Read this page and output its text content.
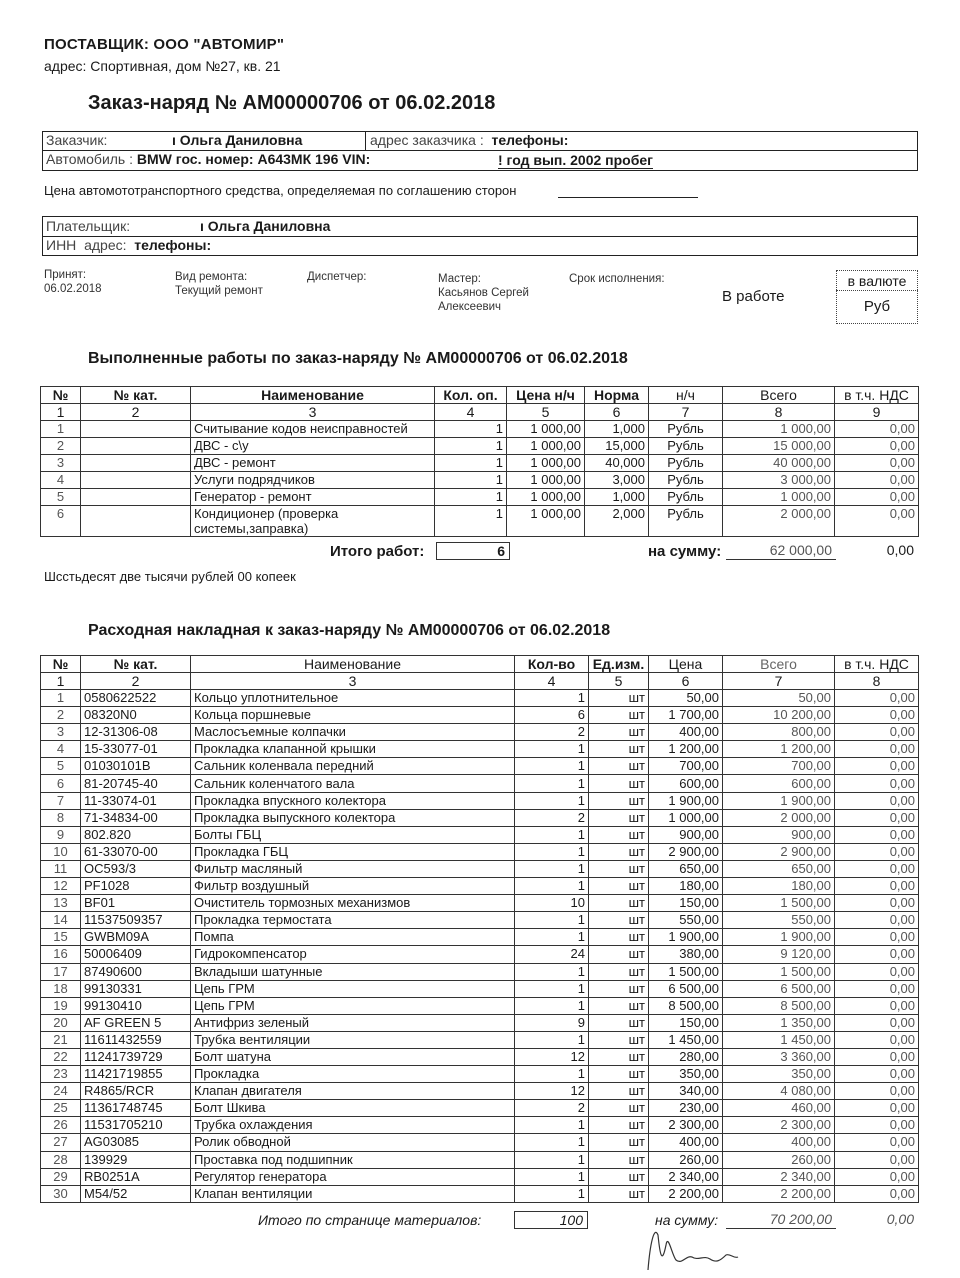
ПОСТАВЩИК: ООО "АВТОМИР"
адрес: Спортивная, дом №27, кв. 21
Заказ-наряд № АМ00000706 от 06.02.2018
Заказчик:	ı Ольга Даниловна	адрес заказчика : телефоны:
Автомобиль : BMW гос. номер: А643МК 196 VIN:	! год вып. 2002 пробег
Цена автомототранспортного средства, определяемая по соглашению сторон
Плательщик:	ı Ольга Даниловна
ИНН адрес: телефоны:
Принят:
06.02.2018
Вид ремонта:
Текущий ремонт
Диспетчер:	Мастер:
Касьянов Сергей
Алексеевич
Срок исполнения:
В работе
в валюте
Руб
Выполненные работы по заказ-наряду № АМ00000706 от 06.02.2018
№	№ кат.	Наименование	Кол. оп.	Цена н/ч	Норма	н/ч	Всего	в т.ч. НДС
1	2	3	4	5	6	7	8	9
1		Считывание кодов неисправностей	1	1 000,00	1,000	Рубль	1 000,00	0,00
2		ДВС - с\у	1	1 000,00	15,000	Рубль	15 000,00	0,00
3		ДВС - ремонт	1	1 000,00	40,000	Рубль	40 000,00	0,00
4		Услуги подрядчиков	1	1 000,00	3,000	Рубль	3 000,00	0,00
5		Генератор - ремонт	1	1 000,00	1,000	Рубль	1 000,00	0,00
6		Кондиционер (проверка
системы,заправка)	1	1 000,00	2,000	Рубль	2 000,00	0,00
Итого работ:	6	на сумму:	62 000,00	0,00
Шсстьдесят две тысячи рублей 00 копеек
Расходная накладная к заказ-наряду № АМ00000706 от 06.02.2018
№	№ кат.	Наименование	Кол-во	Ед.изм.	Цена	Всего	в т.ч. НДС
1	2	3	4	5	6	7	8
1	0580622522	Кольцо уплотнительное	1	шт	50,00	50,00	0,00
2	08320N0	Кольца поршневые	6	шт	1 700,00	10 200,00	0,00
3	12-31306-08	Маслосъемные колпачки	2	шт	400,00	800,00	0,00
4	15-33077-01	Прокладка клапанной крышки	1	шт	1 200,00	1 200,00	0,00
5	01030101B	Сальник коленвала передний	1	шт	700,00	700,00	0,00
6	81-20745-40	Сальник коленчатого вала	1	шт	600,00	600,00	0,00
7	11-33074-01	Прокладка впускного колектора	1	шт	1 900,00	1 900,00	0,00
8	71-34834-00	Прокладка выпускного колектора	2	шт	1 000,00	2 000,00	0,00
9	802.820	Болты ГБЦ	1	шт	900,00	900,00	0,00
10	61-33070-00	Прокладка ГБЦ	1	шт	2 900,00	2 900,00	0,00
11	OC593/3	Фильтр масляный	1	шт	650,00	650,00	0,00
12	PF1028	Фильтр воздушный	1	шт	180,00	180,00	0,00
13	BF01	Очиститель тормозных механизмов	10	шт	150,00	1 500,00	0,00
14	11537509357	Прокладка термостата	1	шт	550,00	550,00	0,00
15	GWBM09A	Помпа	1	шт	1 900,00	1 900,00	0,00
16	50006409	Гидрокомпенсатор	24	шт	380,00	9 120,00	0,00
17	87490600	Вкладыши шатунные	1	шт	1 500,00	1 500,00	0,00
18	99130331	Цепь ГРМ	1	шт	6 500,00	6 500,00	0,00
19	99130410	Цепь ГРМ	1	шт	8 500,00	8 500,00	0,00
20	AF GREEN 5	Антифриз зеленый	9	шт	150,00	1 350,00	0,00
21	11611432559	Трубка вентиляции	1	шт	1 450,00	1 450,00	0,00
22	11241739729	Болт шатуна	12	шт	280,00	3 360,00	0,00
23	11421719855	Прокладка	1	шт	350,00	350,00	0,00
24	R4865/RCR	Клапан двигателя	12	шт	340,00	4 080,00	0,00
25	11361748745	Болт Шкива	2	шт	230,00	460,00	0,00
26	11531705210	Трубка охлаждения	1	шт	2 300,00	2 300,00	0,00
27	AG03085	Ролик обводной	1	шт	400,00	400,00	0,00
28	139929	Проставка под подшипник	1	шт	260,00	260,00	0,00
29	RB0251A	Регулятор генератора	1	шт	2 340,00	2 340,00	0,00
30	M54/52	Клапан вентиляции	1	шт	2 200,00	2 200,00	0,00
Итого по странице материалов:	100	на сумму:	70 200,00	0,00
